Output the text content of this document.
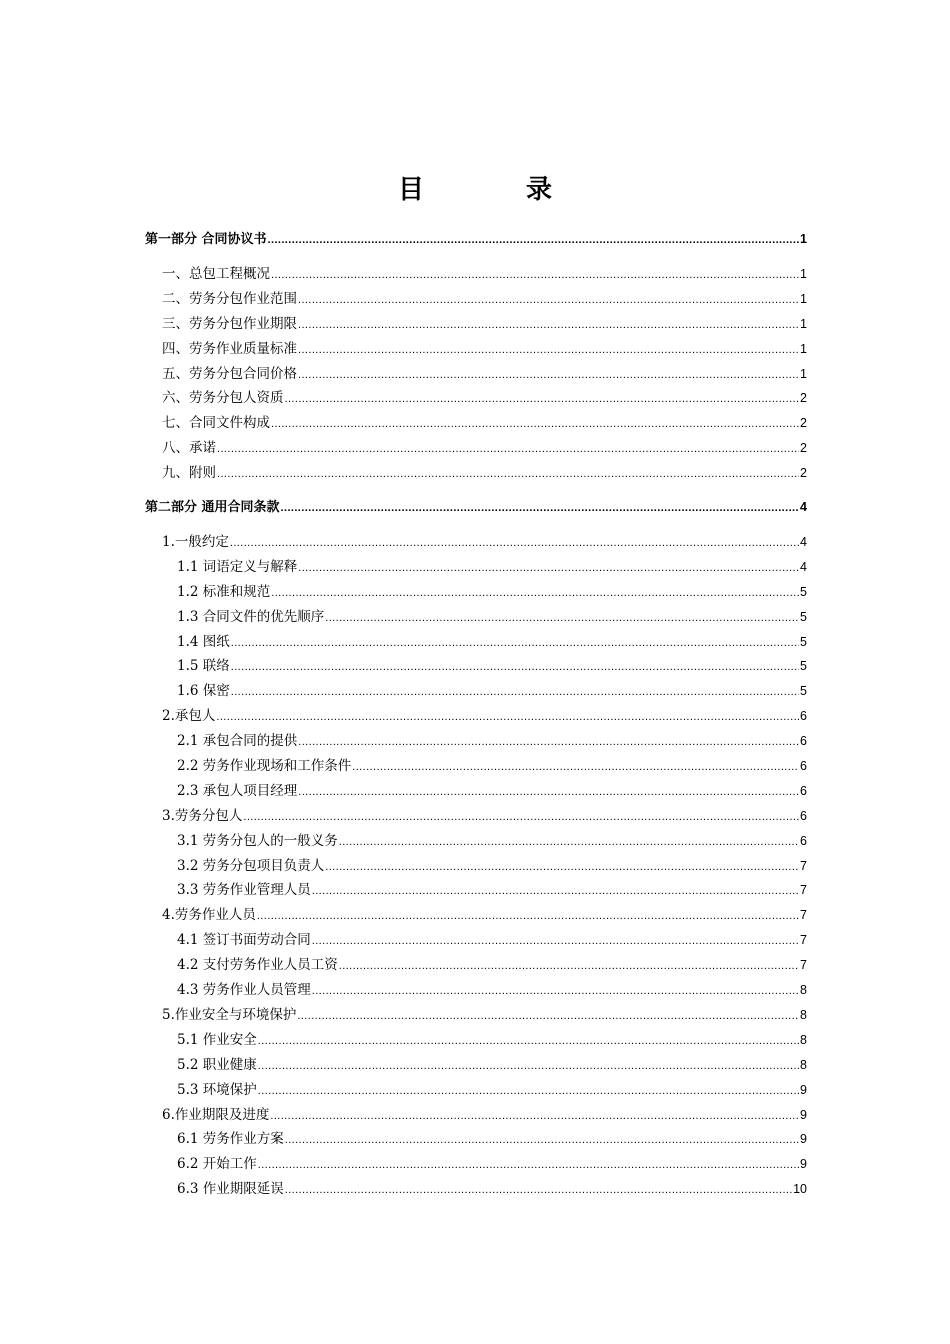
目　录
第一部分 合同协议书 .....	1
一、总包工程概况 .....	1
二、劳务分包作业范围 .....	1
三、劳务分包作业期限 .....	1
四、劳务作业质量标准 .....	1
五、劳务分包合同价格 .....	1
六、劳务分包人资质 .....	2
七、合同文件构成 .....	2
八、承诺 .....	2
九、附则 .....	2
第二部分 通用合同条款 .....	4
1.一般约定 .....	4
1.1 词语定义与解释 .....	4
1.2 标准和规范 .....	5
1.3 合同文件的优先顺序 .....	5
1.4 图纸 .....	5
1.5 联络 .....	5
1.6 保密 .....	5
2.承包人 .....	6
2.1 承包合同的提供 .....	6
2.2 劳务作业现场和工作条件 .....	6
2.3 承包人项目经理 .....	6
3.劳务分包人 .....	6
3.1 劳务分包人的一般义务 .....	6
3.2 劳务分包项目负责人 .....	7
3.3 劳务作业管理人员 .....	7
4.劳务作业人员 .....	7
4.1 签订书面劳动合同 .....	7
4.2 支付劳务作业人员工资 .....	7
4.3 劳务作业人员管理 .....	8
5.作业安全与环境保护 .....	8
5.1 作业安全 .....	8
5.2 职业健康 .....	8
5.3 环境保护 .....	9
6.作业期限及进度 .....	9
6.1 劳务作业方案 .....	9
6.2 开始工作 .....	9
6.3 作业期限延误 .....	10
